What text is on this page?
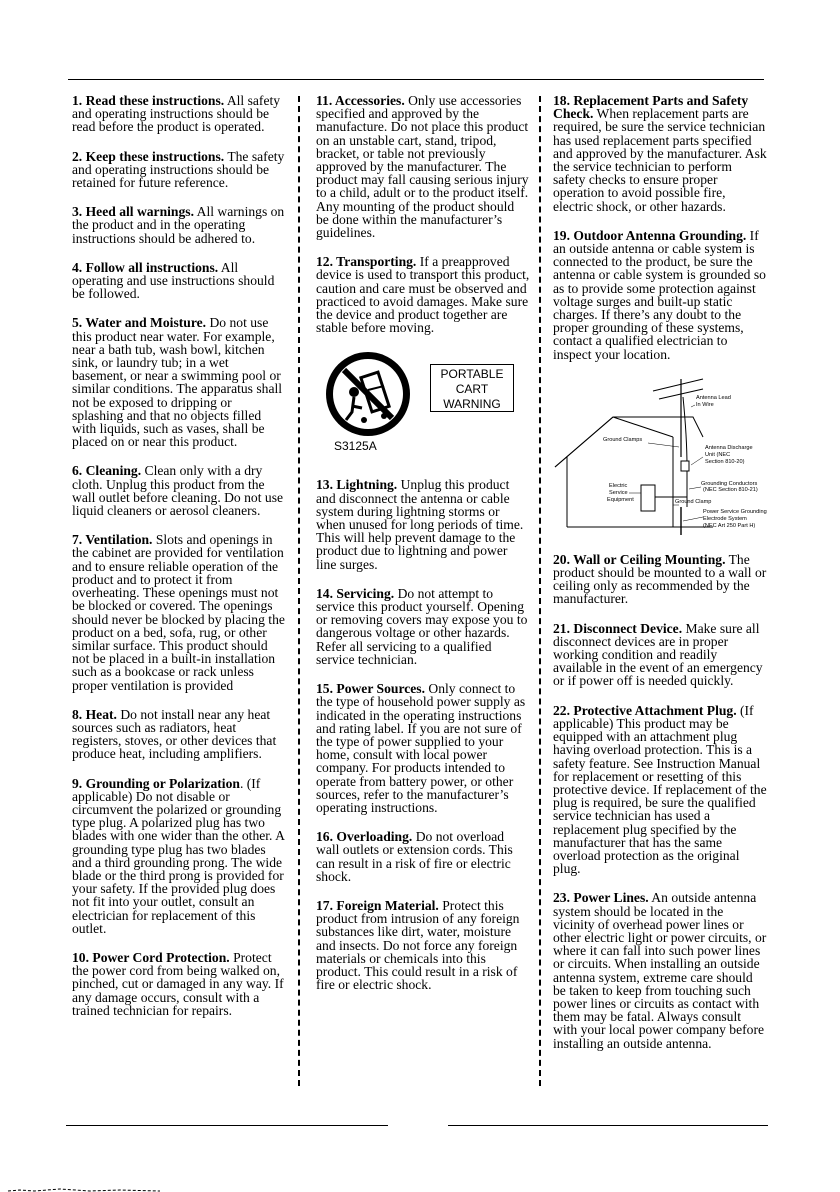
1. Read these instructions. All safety and operating instructions should be read before the product is operated.

2. Keep these instructions. The safety and operating instructions should be retained for future reference.

3. Heed all warnings. All warnings on the product and in the operating instructions should be adhered to.

4. Follow all instructions. All operating and use instructions should be followed.

5. Water and Moisture. Do not use this product near water. For example, near a bath tub, wash bowl, kitchen sink, or laundry tub; in a wet basement, or near a swimming pool or similar conditions. The apparatus shall not be exposed to dripping or splashing and that no objects filled with liquids, such as vases, shall be placed on or near this product.

6. Cleaning. Clean only with a dry cloth. Unplug this product from the wall outlet before cleaning. Do not use liquid cleaners or aerosol cleaners.

7. Ventilation. Slots and openings in the cabinet are provided for ventilation and to ensure reliable operation of the product and to protect it from overheating. These openings must not be blocked or covered. The openings should never be blocked by placing the product on a bed, sofa, rug, or other similar surface. This product should not be placed in a built-in installation such as a bookcase or rack unless proper ventilation is provided

8. Heat. Do not install near any heat sources such as radiators, heat registers, stoves, or other devices that produce heat, including amplifiers.

9. Grounding or Polarization. (If applicable) Do not disable or circumvent the polarized or grounding type plug. A polarized plug has two blades with one wider than the other. A grounding type plug has two blades and a third grounding prong. The wide blade or the third prong is provided for your safety. If the provided plug does not fit into your outlet, consult an electrician for replacement of this outlet.

10. Power Cord Protection. Protect the power cord from being walked on, pinched, cut or damaged in any way. If any damage occurs, consult with a trained technician for repairs.

11. Accessories. Only use accessories specified and approved by the manufacture. Do not place this product on an unstable cart, stand, tripod, bracket, or table not previously approved by the manufacturer. The product may fall causing serious injury to a child, adult or to the product itself. Any mounting of the product should be done within the manufacturer’s guidelines.

12. Transporting. If a preapproved device is used to transport this product, caution and care must be observed and practiced to avoid damages. Make sure the device and product together are stable before moving.

PORTABLE
CART
WARNING
S3125A

13. Lightning. Unplug this product and disconnect the antenna or cable system during lightning storms or when unused for long periods of time. This will help prevent damage to the product due to lightning and power line surges.

14. Servicing. Do not attempt to service this product yourself. Opening or removing covers may expose you to dangerous voltage or other hazards. Refer all servicing to a qualified service technician.

15. Power Sources. Only connect to the type of household power supply as indicated in the operating instructions and rating label. If you are not sure of the type of power supplied to your home, consult with local power company. For products intended to operate from battery power, or other sources, refer to the manufacturer’s operating instructions.

16. Overloading. Do not overload wall outlets or extension cords. This can result in a risk of fire or electric shock.

17. Foreign Material. Protect this product from intrusion of any foreign substances like dirt, water, moisture and insects. Do not force any foreign materials or chemicals into this product. This could result in a risk of fire or electric shock.

18. Replacement Parts and Safety Check. When replacement parts are required, be sure the service technician has used replacement parts specified and approved by the manufacturer. Ask the service technician to perform safety checks to ensure proper operation to avoid possible fire, electric shock, or other hazards.

19. Outdoor Antenna Grounding. If an outside antenna or cable system is connected to the product, be sure the antenna or cable system is grounded so as to provide some protection against voltage surges and built-up static charges. If there’s any doubt to the proper grounding of these systems, contact a qualified electrician to inspect your location.

Antenna Lead
In Wire
Ground Clamps
Antenna Discharge
Unit (NEC
Section 810-20)
Electric
Service
Equipment
Grounding Conductors
(NEC Section 810-21)
Ground Clamp
Power Service Grounding
Electrode System
(NEC Art 250 Part H)

20. Wall or Ceiling Mounting. The product should be mounted to a wall or ceiling only as recommended by the manufacturer.

21. Disconnect Device. Make sure all disconnect devices are in proper working condition and readily available in the event of an emergency or if power off is needed quickly.

22. Protective Attachment Plug. (If applicable) This product may be equipped with an attachment plug having overload protection. This is a safety feature. See Instruction Manual for replacement or resetting of this protective device. If replacement of the plug is required, be sure the qualified service technician has used a replacement plug specified by the manufacturer that has the same overload protection as the original plug.

23. Power Lines. An outside antenna system should be located in the vicinity of overhead power lines or other electric light or power circuits, or where it can fall into such power lines or circuits. When installing an outside antenna system, extreme care should be taken to keep from touching such power lines or circuits as contact with them may be fatal. Always consult with your local power company before installing an outside antenna.
